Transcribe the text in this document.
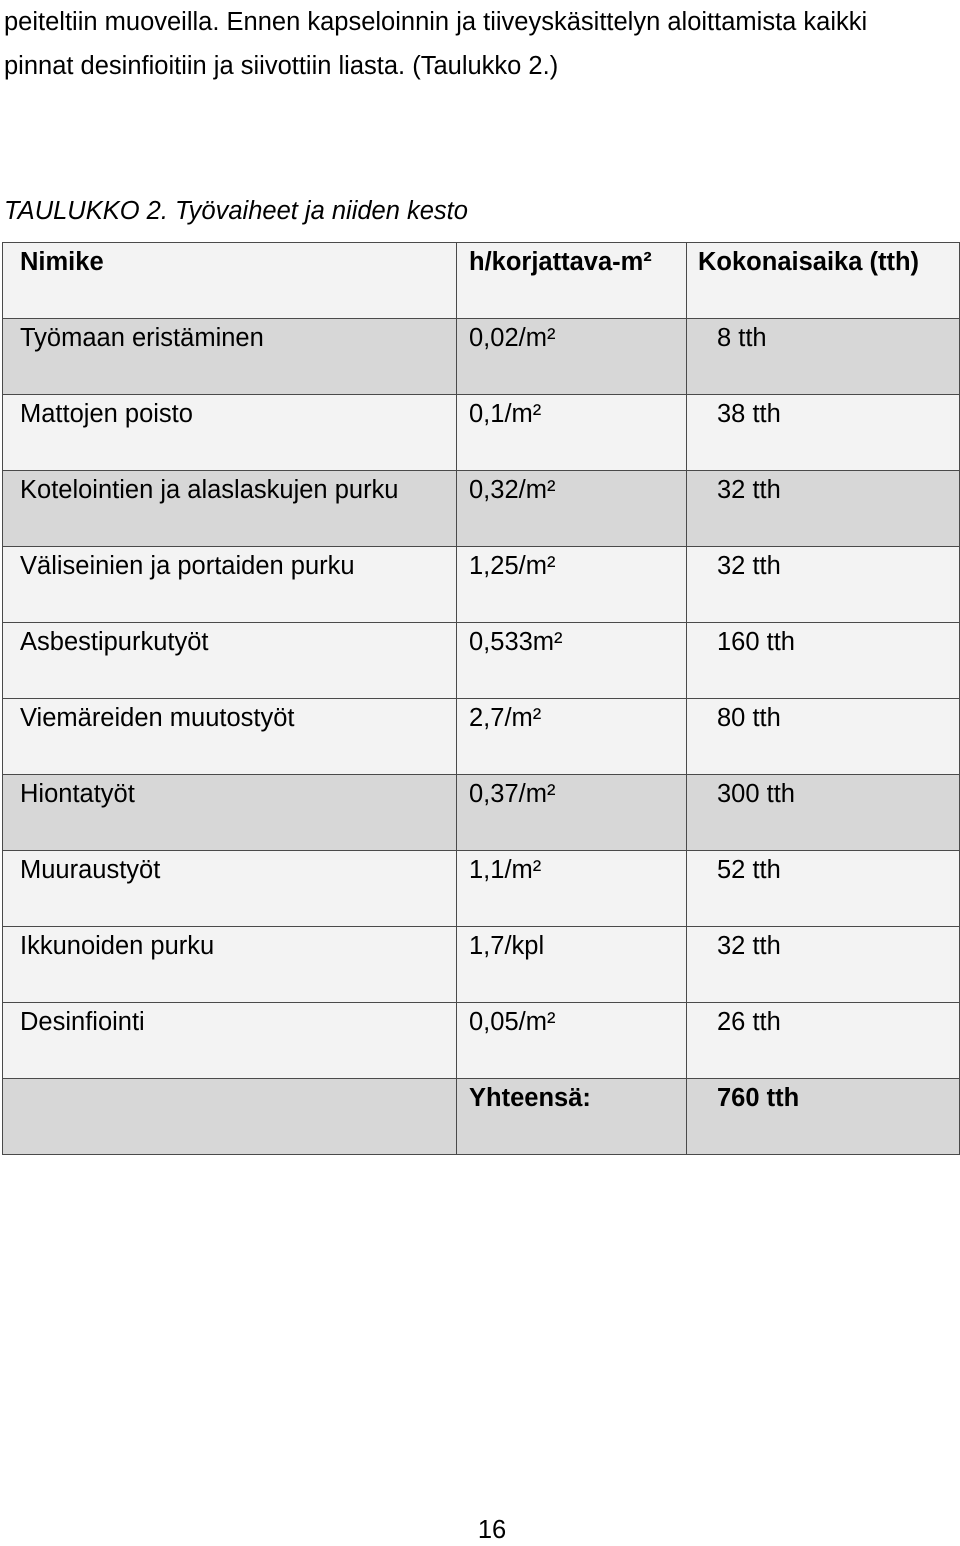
peiteltiin muoveilla. Ennen kapseloinnin ja tiiveyskäsittelyn aloittamista kaikki
pinnat desinfioitiin ja siivottiin liasta. (Taulukko 2.)

TAULUKKO 2. Työvaiheet ja niiden kesto

Nimike	h/korjattava-m²	Kokonaisaika (tth)

Työmaan eristäminen	0,02/m²	8 tth

Mattojen poisto	0,1/m²	38 tth

Kotelointien ja alaslaskujen purku	0,32/m²	32 tth

Väliseinien ja portaiden purku	1,25/m²	32 tth

Asbestipurkutyöt	0,533m²	160 tth

Viemäreiden muutostyöt	2,7/m²	80 tth

Hiontatyöt	0,37/m²	300 tth

Muuraustyöt	1,1/m²	52 tth

Ikkunoiden purku	1,7/kpl	32 tth

Desinfiointi	0,05/m²	26 tth

	Yhteensä:	760 tth
16
